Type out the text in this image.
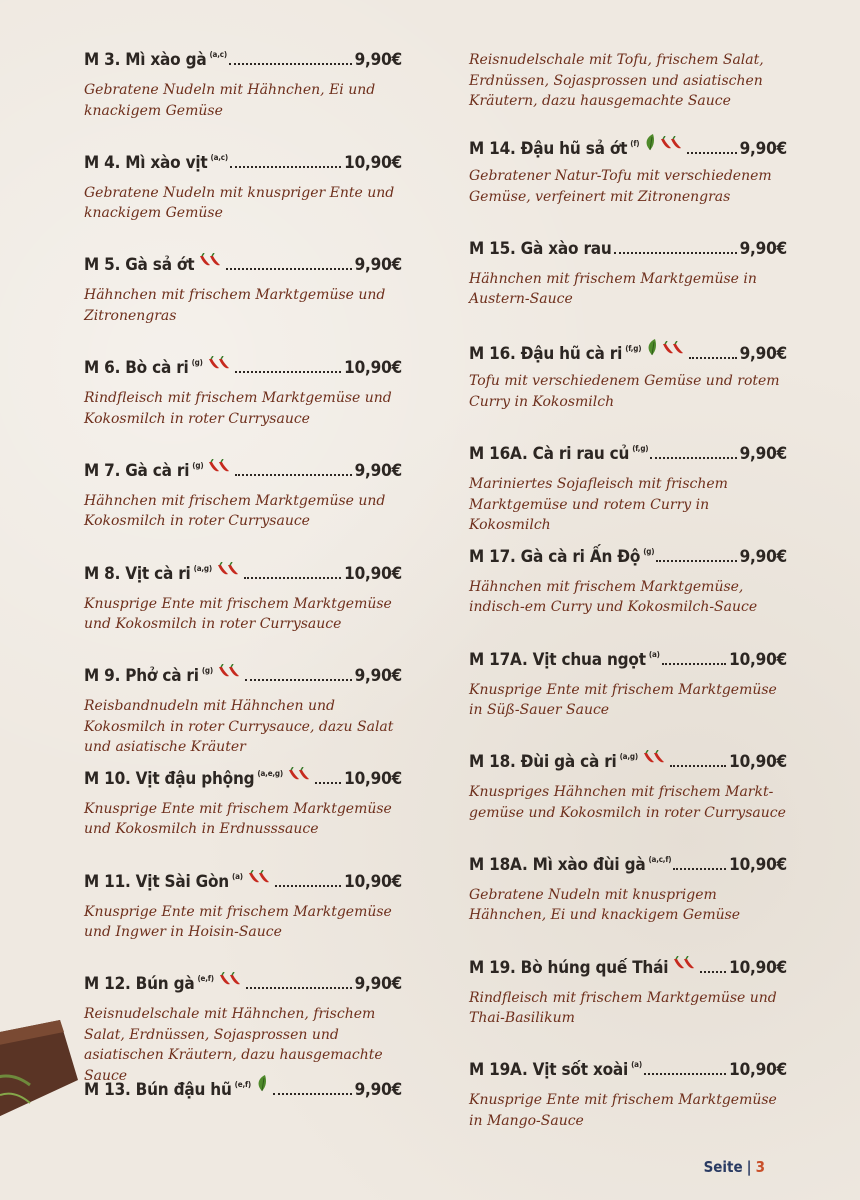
M 3. Mì xào gà (a,c)	9,90€
Gebratene Nudeln mit Hähnchen, Ei und knackigem Gemüse
M 4. Mì xào vịt (a,c)	10,90€
Gebratene Nudeln mit knuspriger Ente und knackigem Gemüse
M 5. Gà sả ớt	9,90€
Hähnchen mit frischem Marktgemüse und Zitronengras
M 6. Bò cà ri (g)	10,90€
Rindfleisch mit frischem Marktgemüse und Kokosmilch in roter Currysauce
M 7. Gà cà ri (g)	9,90€
Hähnchen mit frischem Marktgemüse und Kokosmilch in roter Currysauce
M 8. Vịt cà ri (a,g)	10,90€
Knusprige Ente mit frischem Marktgemüse und Kokosmilch in roter Currysauce
M 9. Phở cà ri (g)	9,90€
Reisbandnudeln mit Hähnchen und Kokosmilch in roter Currysauce, dazu Salat und asiatische Kräuter
M 10. Vịt đậu phộng (a,e,g)	10,90€
Knusprige Ente mit frischem Marktgemüse und Kokosmilch in Erdnusssauce
M 11. Vịt Sài Gòn (a)	10,90€
Knusprige Ente mit frischem Marktgemüse und Ingwer in Hoisin-Sauce
M 12. Bún gà (e,f)	9,90€
Reisnudelschale mit Hähnchen, frischem Salat, Erdnüssen, Sojasprossen und asiatischen Kräutern, dazu hausgemachte Sauce
M 13. Bún đậu hũ (e,f)	9,90€
Reisnudelschale mit Tofu, frischem Salat, Erdnüssen, Sojasprossen und asiatischen Kräutern, dazu hausgemachte Sauce
M 14. Đậu hũ sả ớt (f)	9,90€
Gebratener Natur-Tofu mit verschiedenem Gemüse, verfeinert mit Zitronengras
M 15. Gà xào rau	9,90€
Hähnchen mit frischem Marktgemüse in Austern-Sauce
M 16. Đậu hũ cà ri (f,g)	9,90€
Tofu mit verschiedenem Gemüse und rotem Curry in Kokosmilch
M 16A. Cà ri rau củ (f,g)	9,90€
Mariniertes Sojafleisch mit frischem Marktgemüse und rotem Curry in Kokosmilch
M 17. Gà cà ri Ấn Độ (g)	9,90€
Hähnchen mit frischem Marktgemüse, indisch-em Curry und Kokosmilch-Sauce
M 17A. Vịt chua ngọt (a)	10,90€
Knusprige Ente mit frischem Marktgemüse in Süß-Sauer Sauce
M 18. Đùi gà cà ri (a,g)	10,90€
Knuspriges Hähnchen mit frischem Markt-gemüse und Kokosmilch in roter Currysauce
M 18A. Mì xào đùi gà (a,c,f)	10,90€
Gebratene Nudeln mit knusprigem Hähnchen, Ei und knackigem Gemüse
M 19. Bò húng quế Thái	10,90€
Rindfleisch mit frischem Marktgemüse und Thai-Basilikum
M 19A. Vịt sốt xoài (a)	10,90€
Knusprige Ente mit frischem Marktgemüse in Mango-Sauce
Seite | 3
